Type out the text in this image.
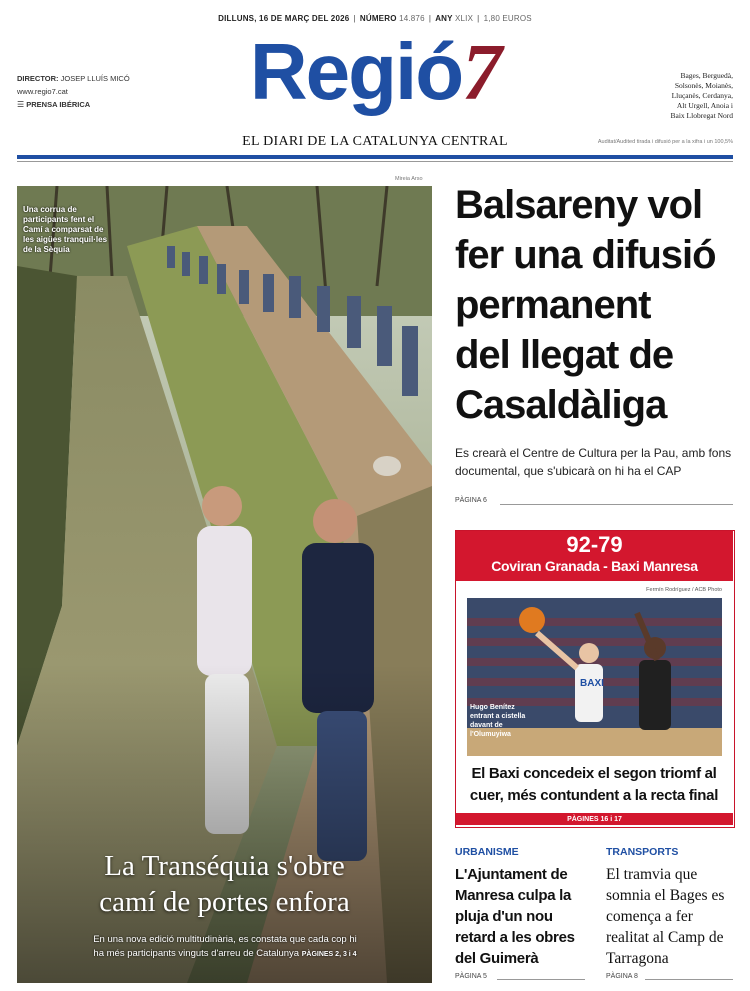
DILLUNS, 16 DE MARÇ DEL 2026 | NÚMERO 14.876 | ANY XLIX | 1,80 EUROS
DIRECTOR: JOSEP LLUÍS MICÓ
www.regio7.cat
☰ PRENSA IBÉRICA	Regió7	Bages, Berguedà,
Solsonès, Moianès,
Lluçanès, Cerdanya,
Alt Urgell, Anoia i
Baix Llobregat Nord
EL DIARI DE LA CATALUNYA CENTRAL	Auditat/Audited tirada i difusió per a la xifra i un 100,5%
Mireia Arso
Una corrua de participants fent el Camí a comparsat de les aigües tranquil·les de la Sèquia
La Transéquia s'obre
camí de portes enfora
En una nova edició multitudinària, es constata que cada cop hi
ha més participants vinguts d'arreu de Catalunya PÀGINES 2, 3 i 4
Balsareny vol
fer una difusió
permanent
del llegat de
Casaldàliga
Es crearà el Centre de Cultura per la Pau, amb fons documental, que s'ubicarà on hi ha el CAP
PÀGINA 6
92-79
Coviran Granada - Baxi Manresa
Fermín Rodríguez / ACB Photo
BAXI
Hugo Benítez entrant a cistella davant de l'Olumuyiwa
El Baxi concedeix el segon triomf al
cuer, més contundent a la recta final
PÀGINES 16 i 17
URBANISME
L'Ajuntament de Manresa culpa la pluja d'un nou retard a les obres del Guimerà
PÀGINA 5
TRANSPORTS
El tramvia que somnia el Bages es comença a fer realitat al Camp de Tarragona
PÀGINA 8
